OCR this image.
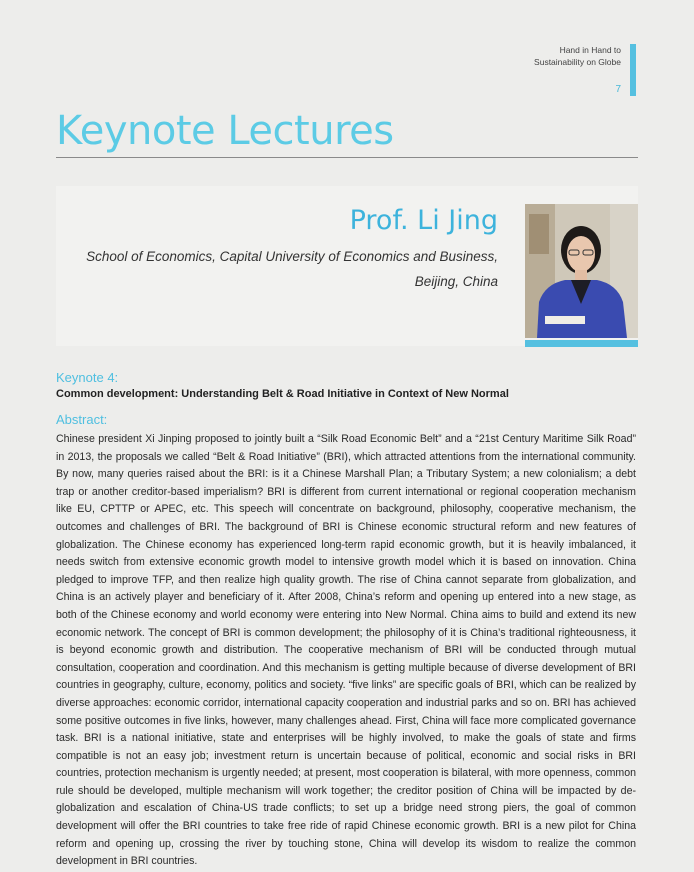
Hand in Hand to
Sustainability on Globe
7
Keynote Lectures
Prof. Li Jing
School of Economics, Capital University of Economics and Business,
Beijing, China
Keynote 4:
Common development: Understanding Belt & Road Initiative in Context of New Normal
Abstract:

Chinese president Xi Jinping proposed to jointly built a “Silk Road Economic Belt” and a “21st Century Maritime Silk Road” in 2013, the proposals we called “Belt & Road Initiative” (BRI), which attracted attentions from the international community. By now, many queries raised about the BRI: is it a Chinese Marshall Plan; a Tributary System; a new colonialism; a debt trap or another creditor-based imperialism? BRI is different from current international or regional cooperation mechanism like EU, CPTTP or APEC, etc. This speech will concentrate on background, philosophy, cooperative mechanism, the outcomes and challenges of BRI. The background of BRI is Chinese economic structural reform and new features of globalization. The Chinese economy has experienced long-term rapid economic growth, but it is heavily imbalanced, it needs switch from extensive economic growth model to intensive growth model which it is based on innovation. China pledged to improve TFP, and then realize high quality growth. The rise of China cannot separate from globalization, and China is an actively player and beneficiary of it. After 2008, China’s reform and opening up entered into a new stage, as both of the Chinese economy and world economy were entering into New Normal. China aims to build and extend its new economic network. The concept of BRI is common development; the philosophy of it is China’s traditional righteousness, it is beyond economic growth and distribution. The cooperative mechanism of BRI will be conducted through mutual consultation, cooperation and coordination. And this mechanism is getting multiple because of diverse development of BRI countries in geography, culture, economy, politics and society. “five links” are specific goals of BRI, which can be realized by diverse approaches: economic corridor, international capacity cooperation and industrial parks and so on. BRI has achieved some positive outcomes in five links, however, many challenges ahead. First, China will face more complicated governance task. BRI is a national initiative, state and enterprises will be highly involved, to make the goals of state and firms compatible is not an easy job; investment return is uncertain because of political, economic and social risks in BRI countries, protection mechanism is urgently needed; at present, most cooperation is bilateral, with more openness, common rule should be developed, multiple mechanism will work together; the creditor position of China will be impacted by de-globalization and escalation of China-US trade conflicts; to set up a bridge need strong piers, the goal of common development will offer the BRI countries to take free ride of rapid Chinese economic growth. BRI is a new pilot for China reform and opening up, crossing the river by touching stone, China will develop its wisdom to realize the common development in BRI countries.
